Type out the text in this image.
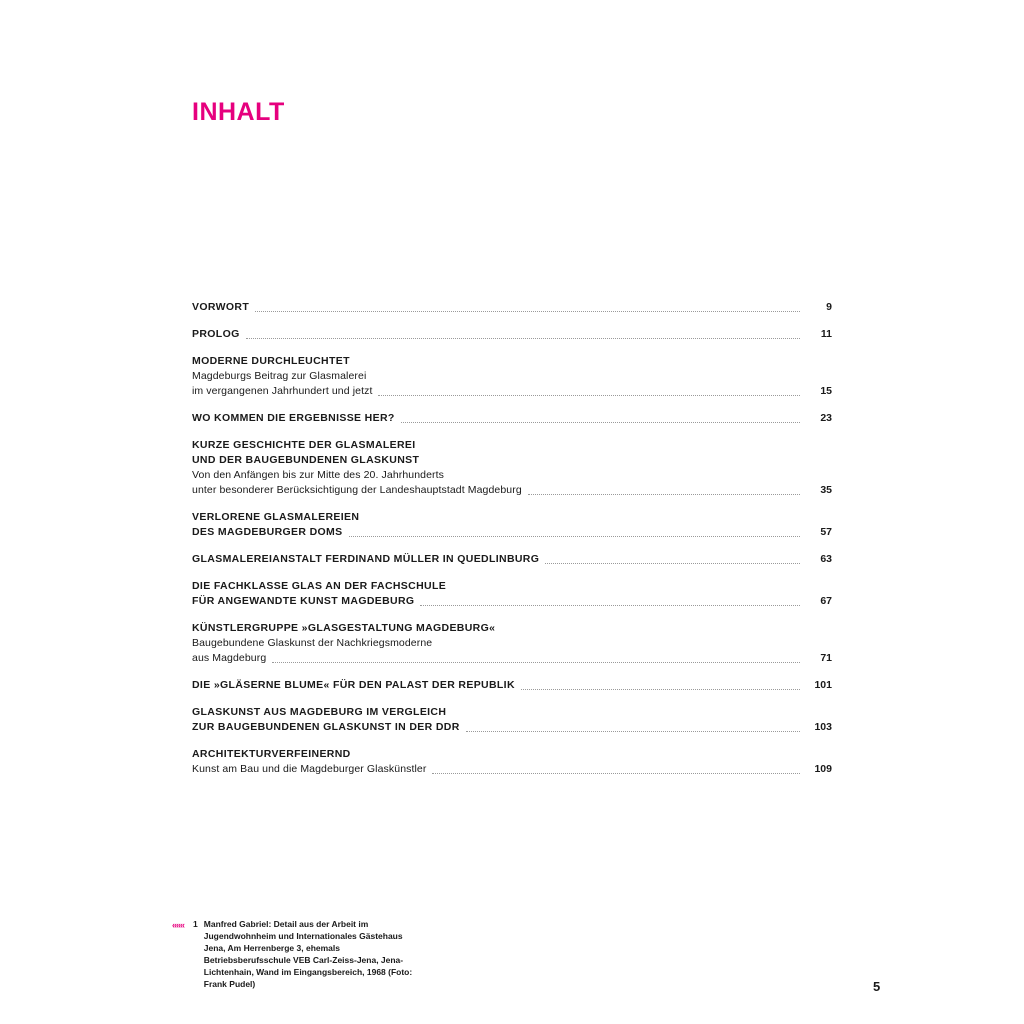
INHALT
VORWORT	9
PROLOG	11
MODERNE DURCHLEUCHTET
Magdeburgs Beitrag zur Glasmalerei
im vergangenen Jahrhundert und jetzt	15
WO KOMMEN DIE ERGEBNISSE HER?	23
KURZE GESCHICHTE DER GLASMALEREI
UND DER BAUGEBUNDENEN GLASKUNST
Von den Anfängen bis zur Mitte des 20. Jahrhunderts
unter besonderer Berücksichtigung der Landeshauptstadt Magdeburg	35
VERLORENE GLASMALEREIEN
DES MAGDEBURGER DOMS	57
GLASMALEREIANSTALT FERDINAND MÜLLER IN QUEDLINBURG	63
DIE FACHKLASSE GLAS AN DER FACHSCHULE
FÜR ANGEWANDTE KUNST MAGDEBURG	67
KÜNSTLERGRUPPE »GLASGESTALTUNG MAGDEBURG«
Baugebundene Glaskunst der Nachkriegsmoderne
aus Magdeburg	71
DIE »GLÄSERNE BLUME« FÜR DEN PALAST DER REPUBLIK	101
GLASKUNST AUS MAGDEBURG IM VERGLEICH
ZUR BAUGEBUNDENEN GLASKUNST IN DER DDR	103
ARCHITEKTURVERFEINERND
Kunst am Bau und die Magdeburger Glaskünstler	109
««« 1 Manfred Gabriel: Detail aus der Arbeit im Jugendwohnheim und Internationales Gästehaus Jena, Am Herrenberge 3, ehemals Betriebsberufsschule VEB Carl-Zeiss-Jena, Jena-Lichtenhain, Wand im Eingangsbereich, 1968 (Foto: Frank Pudel)	5
